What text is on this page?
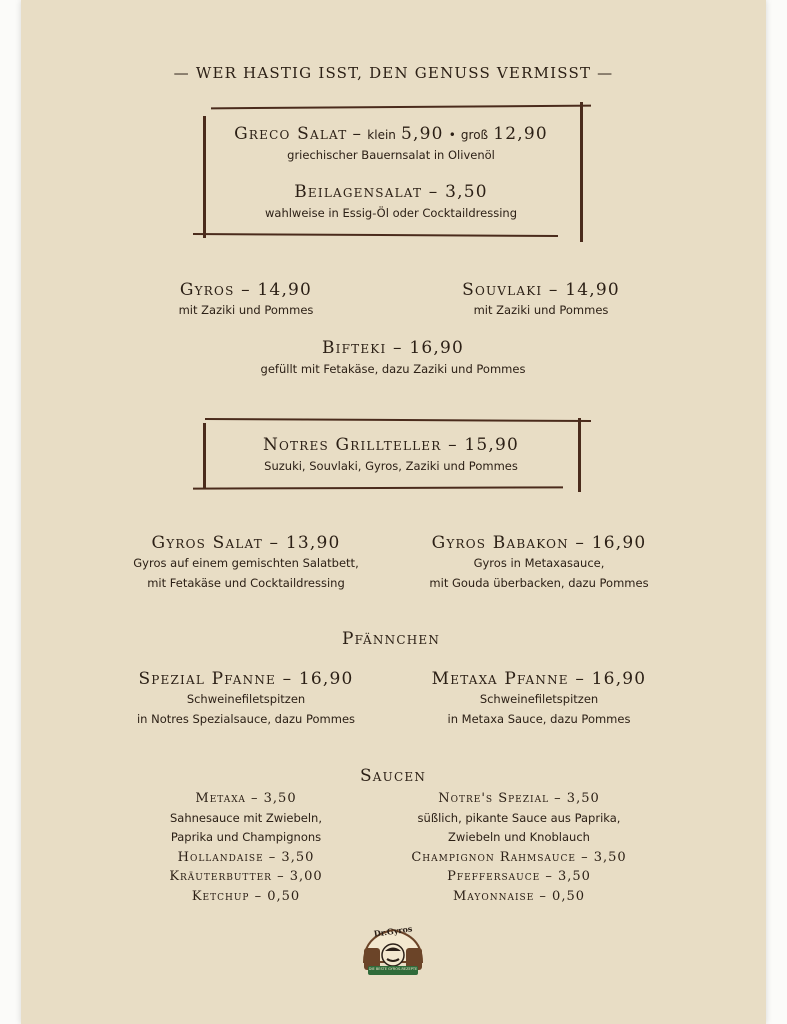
— WER HASTIG ISST, DEN GENUSS VERMISST —
Greco Salat – klein 5,90 • groß 12,90
griechischer Bauernsalat in Olivenöl
Beilagensalat – 3,50
wahlweise in Essig-Öl oder Cocktaildressing
Gyros – 14,90
mit Zaziki und Pommes
Souvlaki – 14,90
mit Zaziki und Pommes
Bifteki – 16,90
gefüllt mit Fetakäse, dazu Zaziki und Pommes
Notres Grillteller – 15,90
Suzuki, Souvlaki, Gyros, Zaziki und Pommes
Gyros Salat – 13,90
Gyros auf einem gemischten Salatbett,
mit Fetakäse und Cocktaildressing
Gyros Babakon – 16,90
Gyros in Metaxasauce,
mit Gouda überbacken, dazu Pommes
Pfännchen
Spezial Pfanne – 16,90
Schweinefiletspitzen
in Notres Spezialsauce, dazu Pommes
Metaxa Pfanne – 16,90
Schweinefiletspitzen
in Metaxa Sauce, dazu Pommes
Saucen
Metaxa – 3,50
Sahnesauce mit Zwiebeln,
Paprika und Champignons
Hollandaise – 3,50
Kräuterbutter – 3,00
Ketchup – 0,50
Notre's Spezial – 3,50
süßlich, pikante Sauce aus Paprika,
Zwiebeln und Knoblauch
Champignon Rahmsauce – 3,50
Pfeffersauce – 3,50
Mayonnaise – 0,50
Dr.Gyros
DIE BESTE GYROS-REZEPTE
